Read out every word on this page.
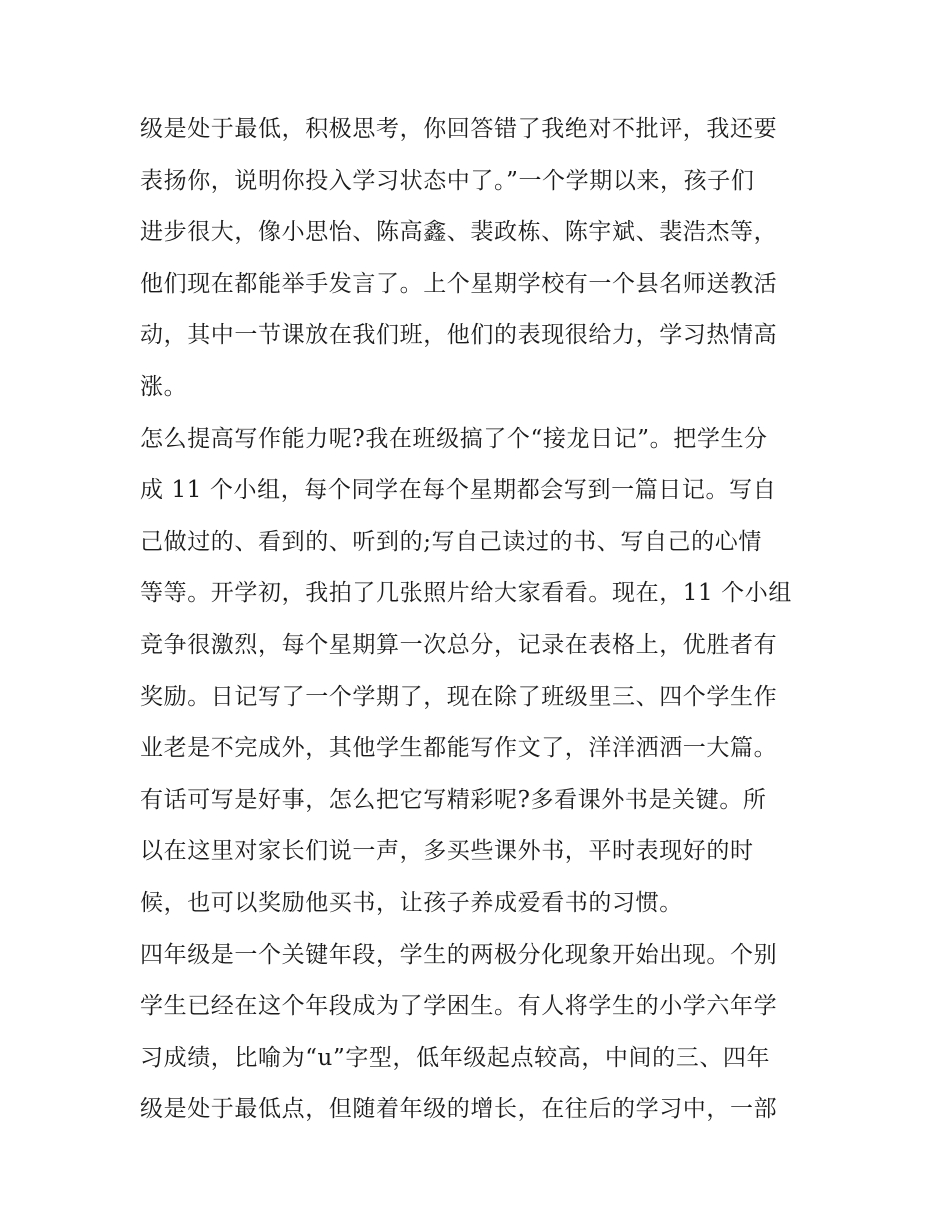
级是处于最低，积极思考，你回答错了我绝对不批评，我还要
表扬你，说明你投入学习状态中了。”一个学期以来，孩子们
进步很大，像小思怡、陈高鑫、裴政栋、陈宇斌、裴浩杰等，
他们现在都能举手发言了。上个星期学校有一个县名师送教活
动，其中一节课放在我们班，他们的表现很给力，学习热情高
涨。
怎么提高写作能力呢?我在班级搞了个“接龙日记”。把学生分
成 11 个小组，每个同学在每个星期都会写到一篇日记。写自
己做过的、看到的、听到的;写自己读过的书、写自己的心情
等等。开学初，我拍了几张照片给大家看看。现在，11 个小组
竞争很激烈，每个星期算一次总分，记录在表格上，优胜者有
奖励。日记写了一个学期了，现在除了班级里三、四个学生作
业老是不完成外，其他学生都能写作文了，洋洋洒洒一大篇。
有话可写是好事，怎么把它写精彩呢?多看课外书是关键。所
以在这里对家长们说一声，多买些课外书，平时表现好的时
候，也可以奖励他买书，让孩子养成爱看书的习惯。
四年级是一个关键年段，学生的两极分化现象开始出现。个别
学生已经在这个年段成为了学困生。有人将学生的小学六年学
习成绩，比喻为“u”字型，低年级起点较高，中间的三、四年
级是处于最低点，但随着年级的增长，在往后的学习中，一部
